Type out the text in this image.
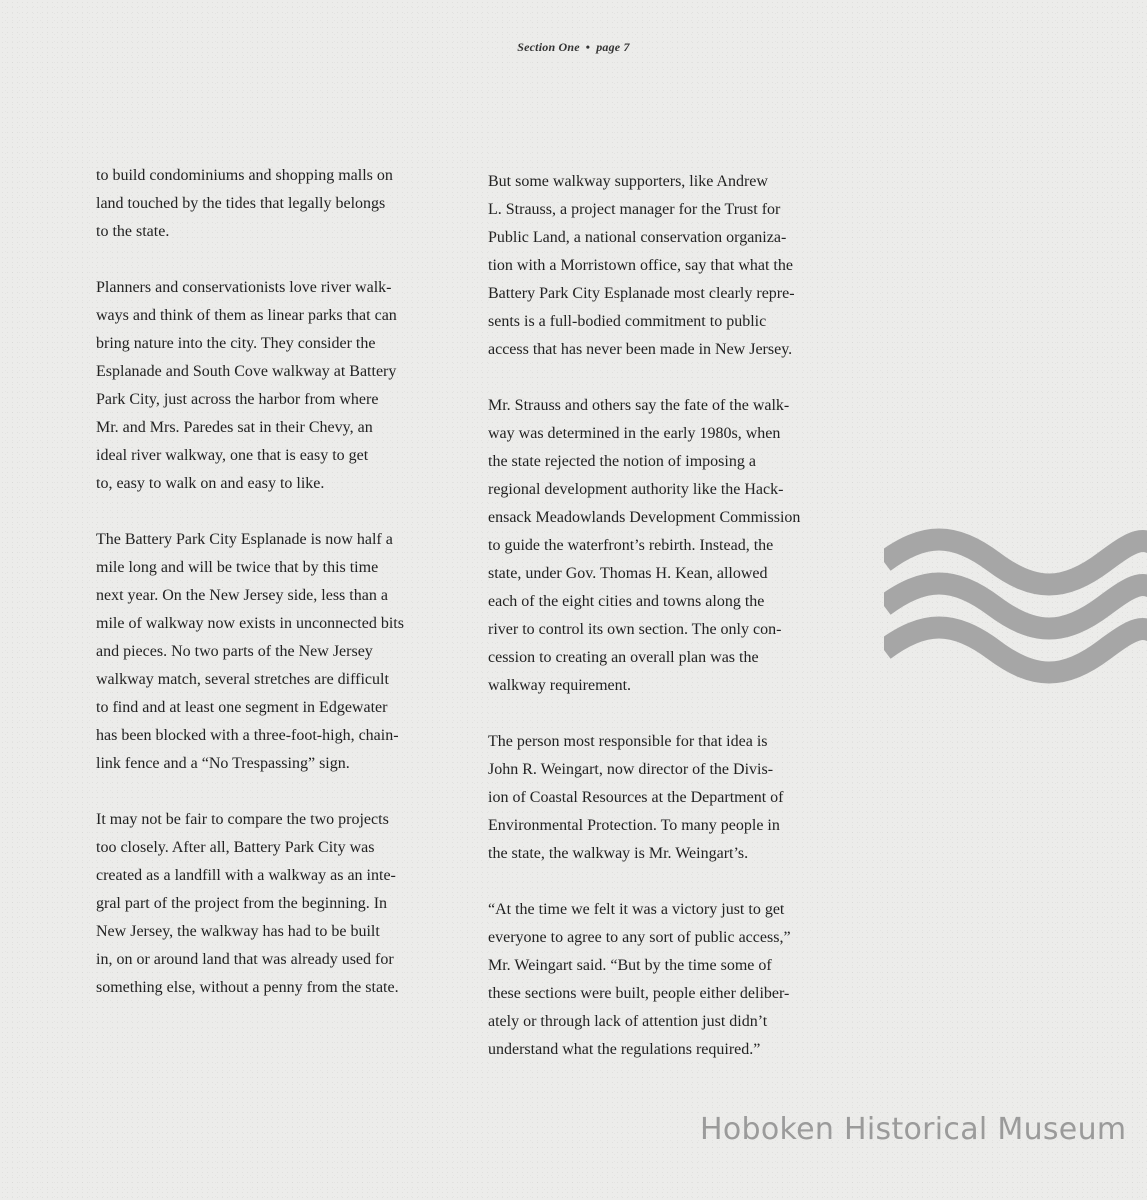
Section One • page 7

to build condominiums and shopping malls on
land touched by the tides that legally belongs
to the state.

Planners and conservationists love river walk-
ways and think of them as linear parks that can
bring nature into the city. They consider the
Esplanade and South Cove walkway at Battery
Park City, just across the harbor from where
Mr. and Mrs. Paredes sat in their Chevy, an
ideal river walkway, one that is easy to get
to, easy to walk on and easy to like.

The Battery Park City Esplanade is now half a
mile long and will be twice that by this time
next year. On the New Jersey side, less than a
mile of walkway now exists in unconnected bits
and pieces. No two parts of the New Jersey
walkway match, several stretches are difficult
to find and at least one segment in Edgewater
has been blocked with a three-foot-high, chain-
link fence and a “No Trespassing” sign.

It may not be fair to compare the two projects
too closely. After all, Battery Park City was
created as a landfill with a walkway as an inte-
gral part of the project from the beginning. In
New Jersey, the walkway has had to be built
in, on or around land that was already used for
something else, without a penny from the state.

But some walkway supporters, like Andrew
L. Strauss, a project manager for the Trust for
Public Land, a national conservation organiza-
tion with a Morristown office, say that what the
Battery Park City Esplanade most clearly repre-
sents is a full-bodied commitment to public
access that has never been made in New Jersey.

Mr. Strauss and others say the fate of the walk-
way was determined in the early 1980s, when
the state rejected the notion of imposing a
regional development authority like the Hack-
ensack Meadowlands Development Commission
to guide the waterfront’s rebirth. Instead, the
state, under Gov. Thomas H. Kean, allowed
each of the eight cities and towns along the
river to control its own section. The only con-
cession to creating an overall plan was the
walkway requirement.

The person most responsible for that idea is
John R. Weingart, now director of the Divis-
ion of Coastal Resources at the Department of
Environmental Protection. To many people in
the state, the walkway is Mr. Weingart’s.

“At the time we felt it was a victory just to get
everyone to agree to any sort of public access,”
Mr. Weingart said. “But by the time some of
these sections were built, people either deliber-
ately or through lack of attention just didn’t
understand what the regulations required.”

Hoboken Historical Museum
